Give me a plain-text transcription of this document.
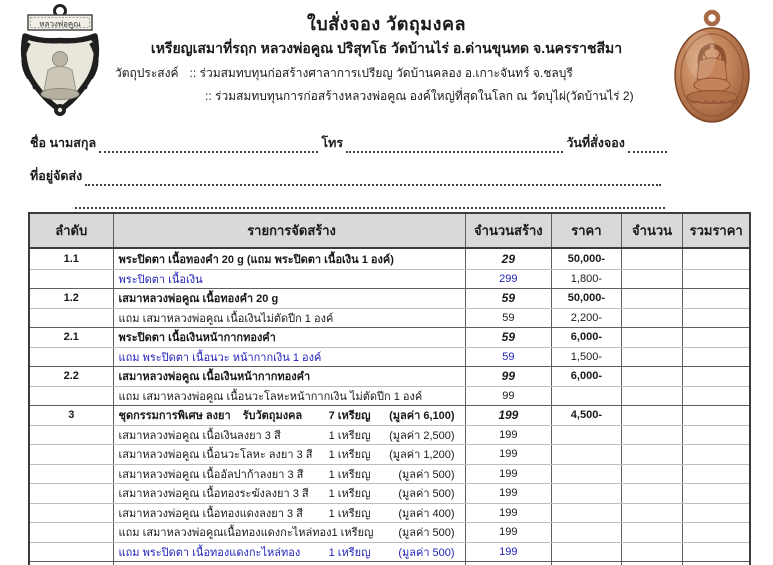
หลวงพ่อคูณ	ใบสั่งจอง วัตถุมงคล
เหรียญเสมาที่รฤก หลวงพ่อคูณ ปริสุทโธ วัดบ้านไร่ อ.ด่านขุนทด จ.นครราชสีมา
วัตถุประสงค์ :: ร่วมสมทบทุนก่อสร้างศาลาการเปรียญ วัดบ้านคลอง อ.เกาะจันทร์ จ.ชลบุรี
:: ร่วมสมทบทุนการก่อสร้างหลวงพ่อคูณ องค์ใหญ่ที่สุดในโลก ณ วัดบุไผ่(วัดบ้านไร่ 2)
ชื่อ นามสกุล	โทร	วันที่สั่งจอง
ที่อยู่จัดส่ง
ลำดับ	รายการจัดสร้าง	จำนวนสร้าง	ราคา	จำนวน	รวมราคา
1.1	พระปิดตา เนื้อทองคำ 20 g (แถม พระปิดตา เนื้อเงิน 1 องค์)	29	50,000-
พระปิดตา เนื้อเงิน	299	1,800-
1.2	เสมาหลวงพ่อคูณ เนื้อทองคำ 20 g	59	50,000-
แถม เสมาหลวงพ่อคูณ เนื้อเงินไม่ตัดปีก 1 องค์	59	2,200-
2.1	พระปิดตา เนื้อเงินหน้ากากทองคำ	59	6,000-
แถม พระปิดตา เนื้อนวะ หน้ากากเงิน 1 องค์	59	1,500-
2.2	เสมาหลวงพ่อคูณ เนื้อเงินหน้ากากทองคำ	99	6,000-
แถม เสมาหลวงพ่อคูณ เนื้อนวะโลหะหน้ากากเงิน ไม่ตัดปีก 1 องค์	99
3	ชุดกรรมการพิเศษ ลงยา	รับวัตถุมงคล	7 เหรียญ	(มูลค่า 6,100)	199	4,500-
เสมาหลวงพ่อคูณ เนื้อเงินลงยา 3 สี	1 เหรียญ	(มูลค่า 2,500)	199
เสมาหลวงพ่อคูณ เนื้อนวะโลหะ ลงยา 3 สี	1 เหรียญ	(มูลค่า 1,200)	199
เสมาหลวงพ่อคูณ เนื้ออัลปาก้าลงยา 3 สี	1 เหรียญ	(มูลค่า 500)	199
เสมาหลวงพ่อคูณ เนื้อทองระฆังลงยา 3 สี	1 เหรียญ	(มูลค่า 500)	199
เสมาหลวงพ่อคูณ เนื้อทองแดงลงยา 3 สี	1 เหรียญ	(มูลค่า 400)	199
แถม เสมาหลวงพ่อคูณเนื้อทองแดงกะไหล่ทอง 1 เหรียญ	(มูลค่า 500)	199
แถม พระปิดตา เนื้อทองแดงกะไหล่ทอง	1 เหรียญ	(มูลค่า 500)	199
